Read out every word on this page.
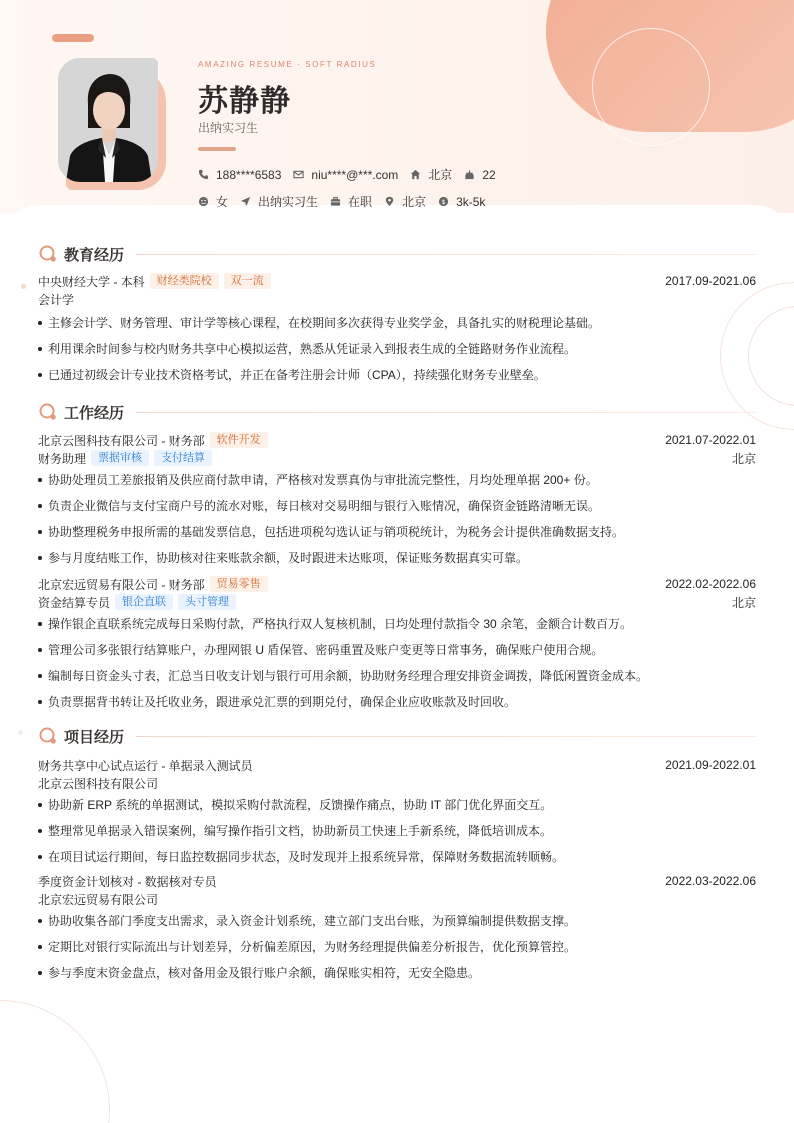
AMAZING RESUME · SOFT RADIUS
苏静静
出纳实习生
188****6583	niu****@***.com	北京	22
女	出纳实习生	在职	北京 $ 3k-5k
教育经历
中央财经大学 - 本科	财经类院校	双一流	2017.09-2021.06
会计学
主修会计学、财务管理、审计学等核心课程，在校期间多次获得专业奖学金，具备扎实的财税理论基础。
利用课余时间参与校内财务共享中心模拟运营，熟悉从凭证录入到报表生成的全链路财务作业流程。
已通过初级会计专业技术资格考试，并正在备考注册会计师（CPA），持续强化财务专业壁垒。
工作经历
北京云图科技有限公司 - 财务部	软件开发	2021.07-2022.01
财务助理	票据审核	支付结算	北京
协助处理员工差旅报销及供应商付款申请，严格核对发票真伪与审批流完整性，月均处理单据 200+ 份。
负责企业微信与支付宝商户号的流水对账，每日核对交易明细与银行入账情况，确保资金链路清晰无误。
协助整理税务申报所需的基础发票信息，包括进项税勾选认证与销项税统计，为税务会计提供准确数据支持。
参与月度结账工作，协助核对往来账款余额，及时跟进未达账项，保证账务数据真实可靠。
北京宏远贸易有限公司 - 财务部	贸易零售	2022.02-2022.06
资金结算专员	银企直联	头寸管理	北京
操作银企直联系统完成每日采购付款，严格执行双人复核机制，日均处理付款指令 30 余笔，金额合计数百万。
管理公司多张银行结算账户，办理网银 U 盾保管、密码重置及账户变更等日常事务，确保账户使用合规。
编制每日资金头寸表，汇总当日收支计划与银行可用余额，协助财务经理合理安排资金调拨，降低闲置资金成本。
负责票据背书转让及托收业务，跟进承兑汇票的到期兑付，确保企业应收账款及时回收。
项目经历
财务共享中心试点运行 - 单据录入测试员	2021.09-2022.01
北京云图科技有限公司
协助新 ERP 系统的单据测试，模拟采购付款流程，反馈操作痛点，协助 IT 部门优化界面交互。
整理常见单据录入错误案例，编写操作指引文档，协助新员工快速上手新系统，降低培训成本。
在项目试运行期间，每日监控数据同步状态，及时发现并上报系统异常，保障财务数据流转顺畅。
季度资金计划核对 - 数据核对专员	2022.03-2022.06
北京宏远贸易有限公司
协助收集各部门季度支出需求，录入资金计划系统，建立部门支出台账，为预算编制提供数据支撑。
定期比对银行实际流出与计划差异，分析偏差原因，为财务经理提供偏差分析报告，优化预算管控。
参与季度末资金盘点，核对备用金及银行账户余额，确保账实相符，无安全隐患。
